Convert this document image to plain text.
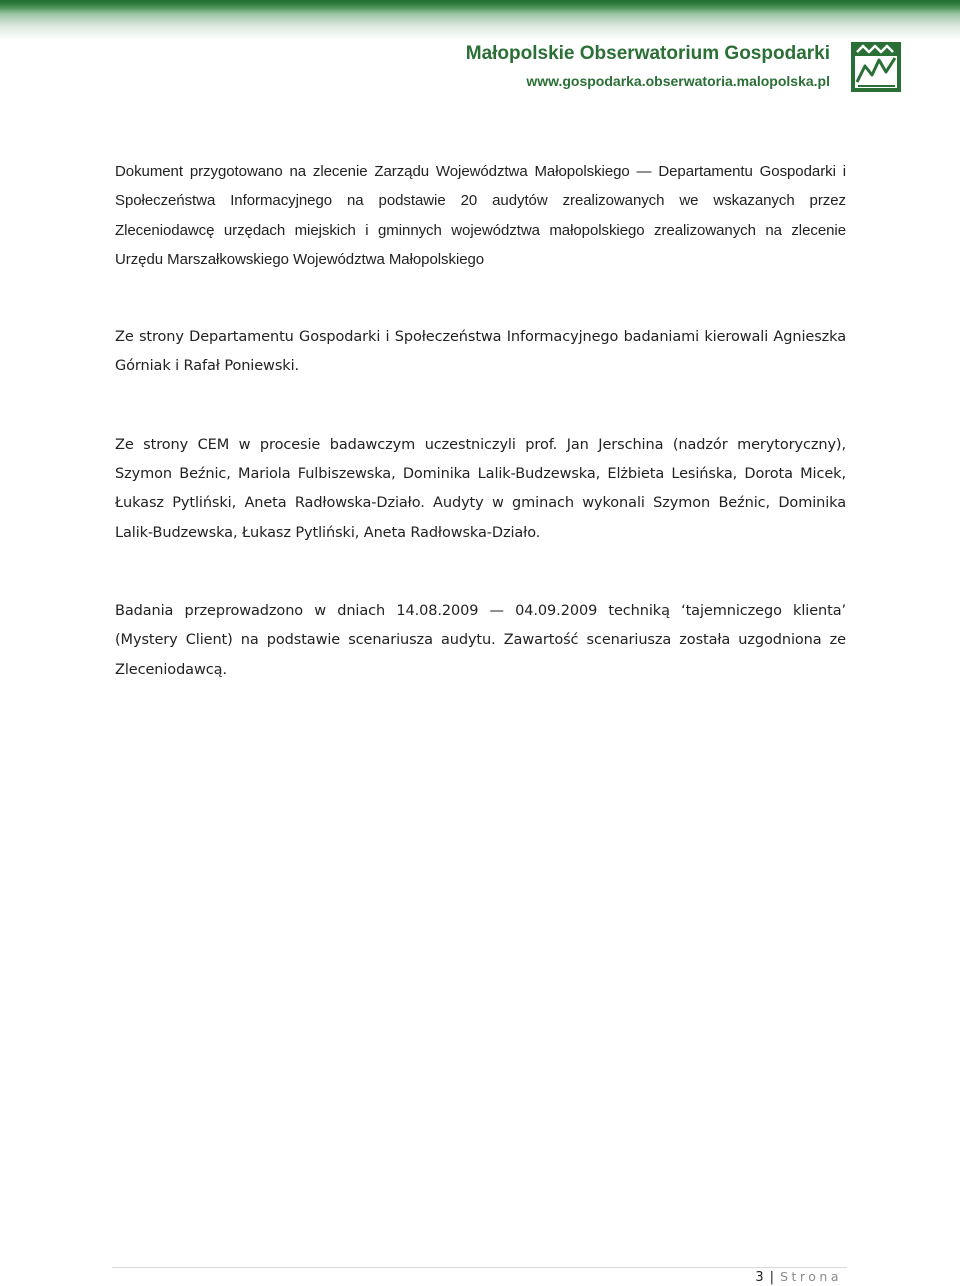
Małopolskie Obserwatorium Gospodarki
www.gospodarka.obserwatoria.malopolska.pl

Dokument przygotowano na zlecenie Zarządu Województwa Małopolskiego — Departamentu Gospodarki i Społeczeństwa Informacyjnego na podstawie 20 audytów zrealizowanych we wskazanych przez Zleceniodawcę urzędach miejskich i gminnych województwa małopolskiego zrealizowanych na zlecenie Urzędu Marszałkowskiego Województwa Małopolskiego

Ze strony Departamentu Gospodarki i Społeczeństwa Informacyjnego badaniami kierowali Agnieszka Górniak i Rafał Poniewski.

Ze strony CEM w procesie badawczym uczestniczyli prof. Jan Jerschina (nadzór merytoryczny), Szymon Beźnic, Mariola Fulbiszewska, Dominika Lalik-Budzewska, Elżbieta Lesińska, Dorota Micek, Łukasz Pytliński, Aneta Radłowska-Działo. Audyty w gminach wykonali Szymon Beźnic, Dominika Lalik-Budzewska, Łukasz Pytliński, Aneta Radłowska-Działo.

Badania przeprowadzono w dniach 14.08.2009 — 04.09.2009 techniką ‘tajemniczego klienta’ (Mystery Client) na podstawie scenariusza audytu. Zawartość scenariusza została uzgodniona ze Zleceniodawcą.

3 | Strona
